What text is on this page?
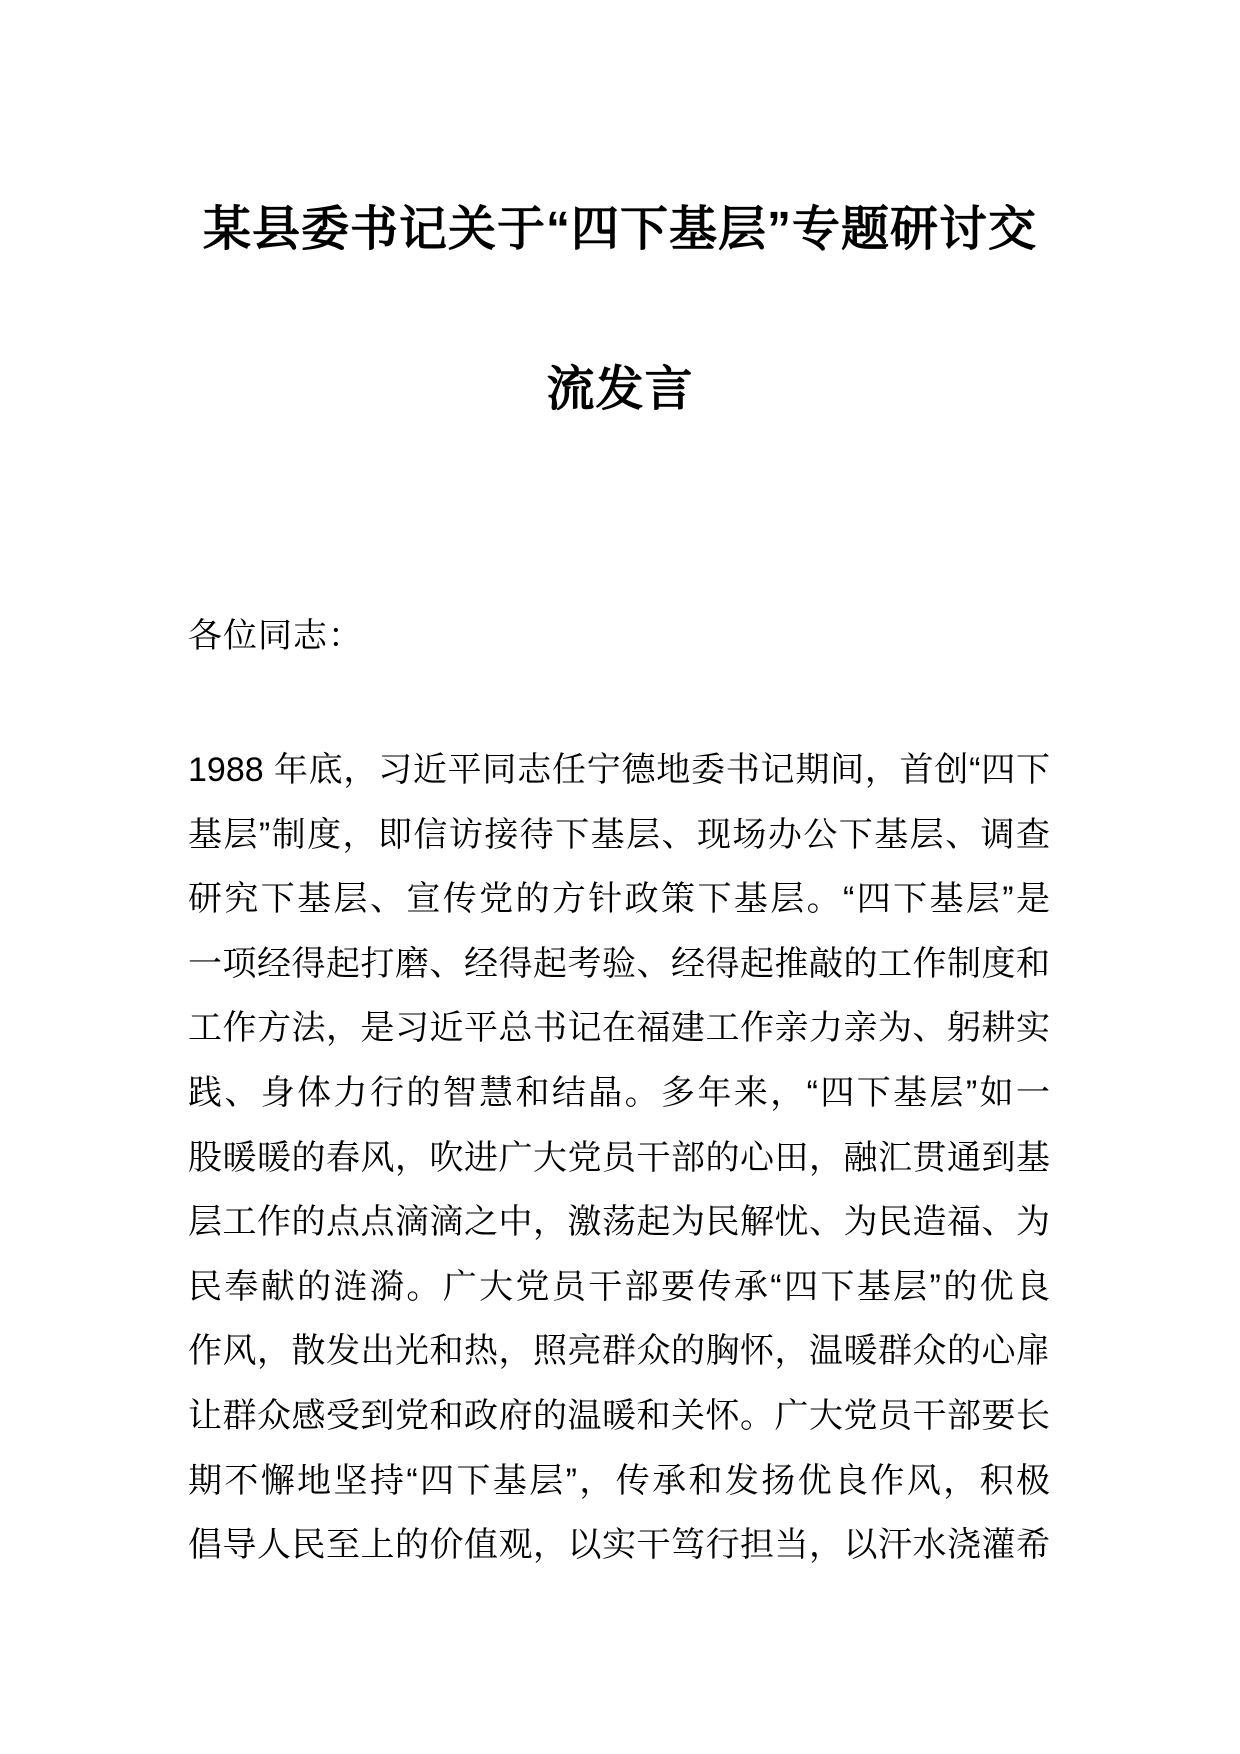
某县委书记关于“四下基层”专题研讨交
流发言
各位同志：
1988 年底，习近平同志任宁德地委书记期间，首创“四下
基层”制度，即信访接待下基层、现场办公下基层、调查
研究下基层、宣传党的方针政策下基层。“四下基层”是
一项经得起打磨、经得起考验、经得起推敲的工作制度和
工作方法，是习近平总书记在福建工作亲力亲为、躬耕实
践、身体力行的智慧和结晶。多年来，“四下基层”如一
股暖暖的春风，吹进广大党员干部的心田，融汇贯通到基
层工作的点点滴滴之中，激荡起为民解忧、为民造福、为
民奉献的涟漪。广大党员干部要传承“四下基层”的优良
作风，散发出光和热，照亮群众的胸怀，温暖群众的心扉
让群众感受到党和政府的温暖和关怀。广大党员干部要长
期不懈地坚持“四下基层”，传承和发扬优良作风，积极
倡导人民至上的价值观，以实干笃行担当，以汗水浇灌希
